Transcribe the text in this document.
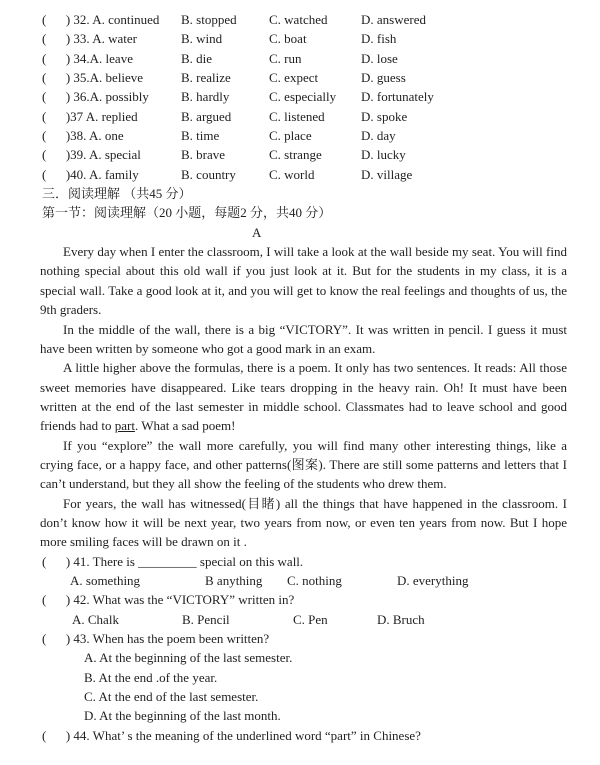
(      ) 32. A. continued	B. stopped	C. watched	D. answered
(      ) 33. A. water	B. wind	C. boat	D. fish
(      ) 34.A. leave	B. die	C. run	D. lose
(      ) 35.A. believe	B. realize	C. expect	D. guess
(      ) 36.A. possibly	B. hardly	C. especially	D. fortunately
(      )37 A. replied	B. argued	C. listened	D. spoke
(      )38. A. one	B. time	C. place	D. day
(      )39. A. special	B. brave	C. strange	D. lucky
(      )40. A. family	B. country	C. world	D. village
三．阅读理解 （共45 分）
第一节：阅读理解（20 小题，每题2 分，共40 分）
A

Every day when I enter the classroom, I will take a look at the wall beside my seat. You will find nothing special about this old wall if you just look at it. But for the students in my class, it is a special wall. Take a good look at it, and you will get to know the real feelings and thoughts of us, the 9th graders.

In the middle of the wall, there is a big “VICTORY”. It was written in pencil. I guess it must have been written by someone who got a good mark in an exam.

A little higher above the formulas, there is a poem. It only has two sentences. It reads: All those sweet memories have disappeared. Like tears dropping in the heavy rain. Oh! It must have been written at the end of the last semester in middle school. Classmates had to leave school and good friends had to part. What a sad poem!

If you “explore” the wall more carefully, you will find many other interesting things, like a crying face, or a happy face, and other patterns(图案). There are still some patterns and letters that I can’t understand, but they all show the feeling of the students who drew them.

For years, the wall has witnessed(目睹) all the things that have happened in the classroom. I don’t know how it will be next year, two years from now, or even ten years from now. But I hope more smiling faces will be drawn on it .

(      ) 41. There is _________ special on this wall.
A. something	B anything	C. nothing	D. everything
(      ) 42. What was the “VICTORY” written in?
A. Chalk	B. Pencil	C. Pen	D. Bruch
(      ) 43. When has the poem been written?
A. At the beginning of the last semester.
B. At the end .of the year.
C. At the end of the last semester.
D. At the beginning of the last month.
(      ) 44. What’ s the meaning of the underlined word “part” in Chinese?
